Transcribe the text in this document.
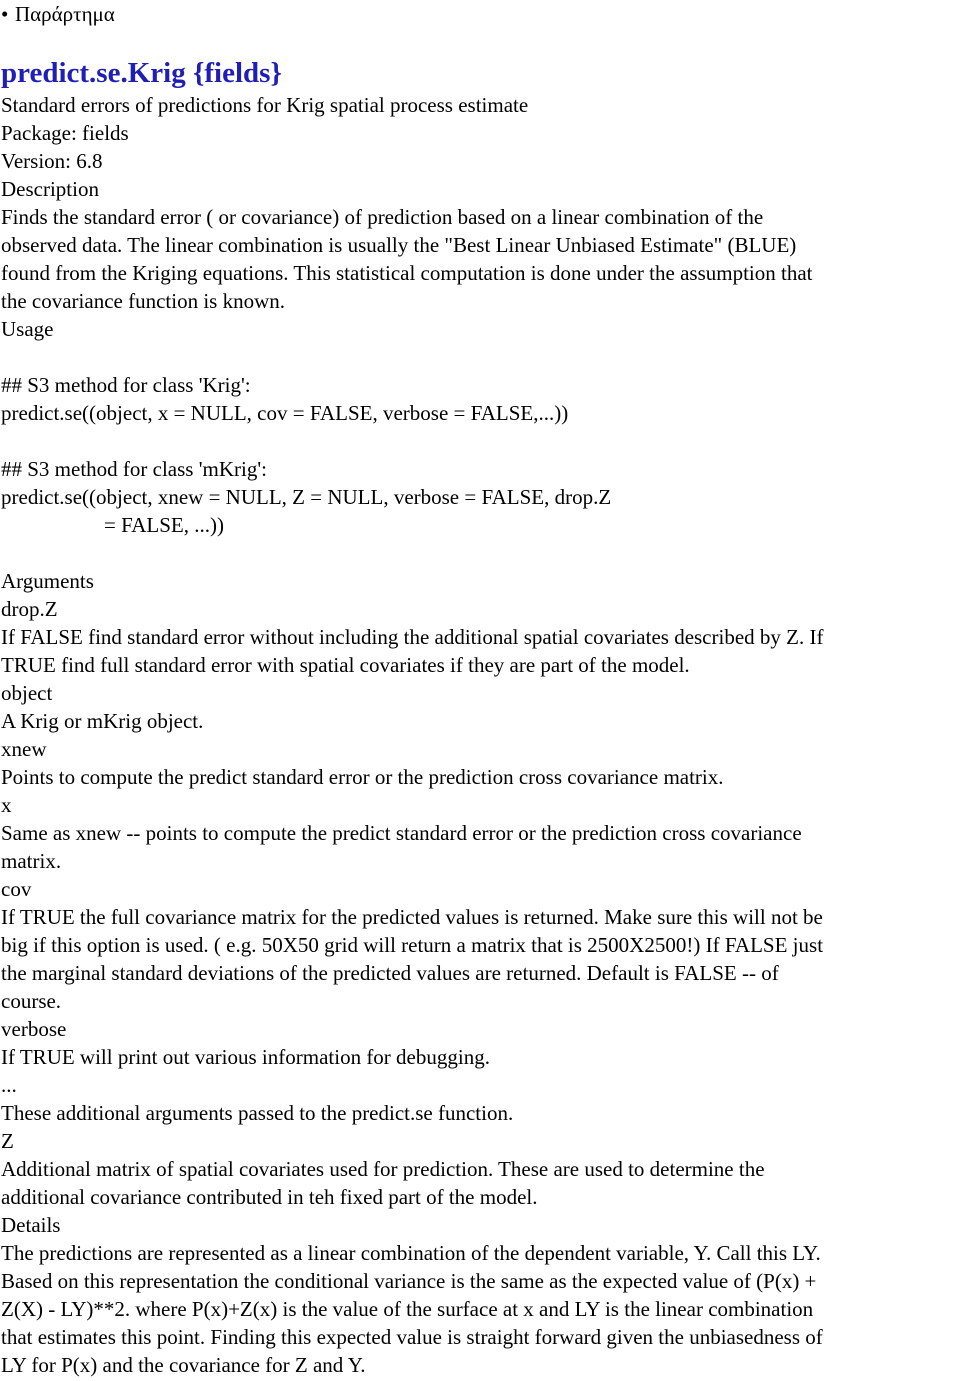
• Παράρτημα
predict.se.Krig {fields}
Standard errors of predictions for Krig spatial process estimate
Package: fields
Version: 6.8
Description
Finds the standard error ( or covariance) of prediction based on a linear combination of the
observed data. The linear combination is usually the "Best Linear Unbiased Estimate" (BLUE)
found from the Kriging equations. This statistical computation is done under the assumption that
the covariance function is known.
Usage
## S3 method for class 'Krig':
predict.se((object, x = NULL, cov = FALSE, verbose = FALSE,...))
## S3 method for class 'mKrig':
predict.se((object, xnew = NULL, Z = NULL, verbose = FALSE, drop.Z
= FALSE, ...))
Arguments
drop.Z
If FALSE find standard error without including the additional spatial covariates described by Z. If
TRUE find full standard error with spatial covariates if they are part of the model.
object
A Krig or mKrig object.
xnew
Points to compute the predict standard error or the prediction cross covariance matrix.
x
Same as xnew -- points to compute the predict standard error or the prediction cross covariance
matrix.
cov
If TRUE the full covariance matrix for the predicted values is returned. Make sure this will not be
big if this option is used. ( e.g. 50X50 grid will return a matrix that is 2500X2500!) If FALSE just
the marginal standard deviations of the predicted values are returned. Default is FALSE -- of
course.
verbose
If TRUE will print out various information for debugging.
...
These additional arguments passed to the predict.se function.
Z
Additional matrix of spatial covariates used for prediction. These are used to determine the
additional covariance contributed in teh fixed part of the model.
Details
The predictions are represented as a linear combination of the dependent variable, Y. Call this LY.
Based on this representation the conditional variance is the same as the expected value of (P(x) +
Z(X) - LY)**2. where P(x)+Z(x) is the value of the surface at x and LY is the linear combination
that estimates this point. Finding this expected value is straight forward given the unbiasedness of
LY for P(x) and the covariance for Z and Y.
